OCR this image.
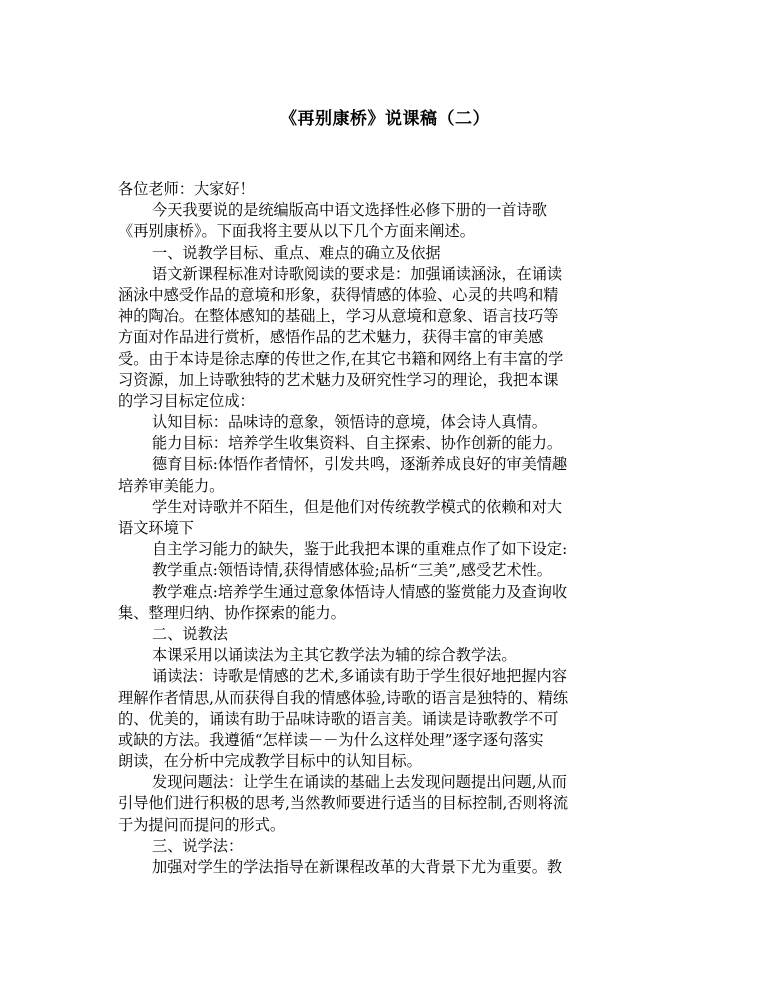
《再别康桥》说课稿（二）
各位老师：大家好！
今天我要说的是统编版高中语文选择性必修下册的一首诗歌
《再别康桥》。下面我将主要从以下几个方面来阐述。
一、说教学目标、重点、难点的确立及依据
语文新课程标准对诗歌阅读的要求是：加强诵读涵泳，在诵读
涵泳中感受作品的意境和形象，获得情感的体验、心灵的共鸣和精
神的陶冶。在整体感知的基础上，学习从意境和意象、语言技巧等
方面对作品进行赏析，感悟作品的艺术魅力，获得丰富的审美感
受。由于本诗是徐志摩的传世之作,在其它书籍和网络上有丰富的学
习资源，加上诗歌独特的艺术魅力及研究性学习的理论，我把本课
的学习目标定位成：
认知目标：品味诗的意象，领悟诗的意境，体会诗人真情。
能力目标：培养学生收集资料、自主探索、协作创新的能力。
德育目标:体悟作者情怀，引发共鸣，逐渐养成良好的审美情趣
培养审美能力。
学生对诗歌并不陌生，但是他们对传统教学模式的依赖和对大
语文环境下
自主学习能力的缺失，鉴于此我把本课的重难点作了如下设定:
教学重点:领悟诗情,获得情感体验;品析“三美”,感受艺术性。
教学难点:培养学生通过意象体悟诗人情感的鉴赏能力及查询收
集、整理归纳、协作探索的能力。
二、说教法
本课采用以诵读法为主其它教学法为辅的综合教学法。
诵读法：诗歌是情感的艺术,多诵读有助于学生很好地把握内容
理解作者情思,从而获得自我的情感体验,诗歌的语言是独特的、精练
的、优美的，诵读有助于品味诗歌的语言美。诵读是诗歌教学不可
或缺的方法。我遵循“怎样读－－为什么这样处理”逐字逐句落实
朗读，在分析中完成教学目标中的认知目标。
发现问题法：让学生在诵读的基础上去发现问题提出问题,从而
引导他们进行积极的思考,当然教师要进行适当的目标控制,否则将流
于为提问而提问的形式。
三、说学法：
加强对学生的学法指导在新课程改革的大背景下尤为重要。教
